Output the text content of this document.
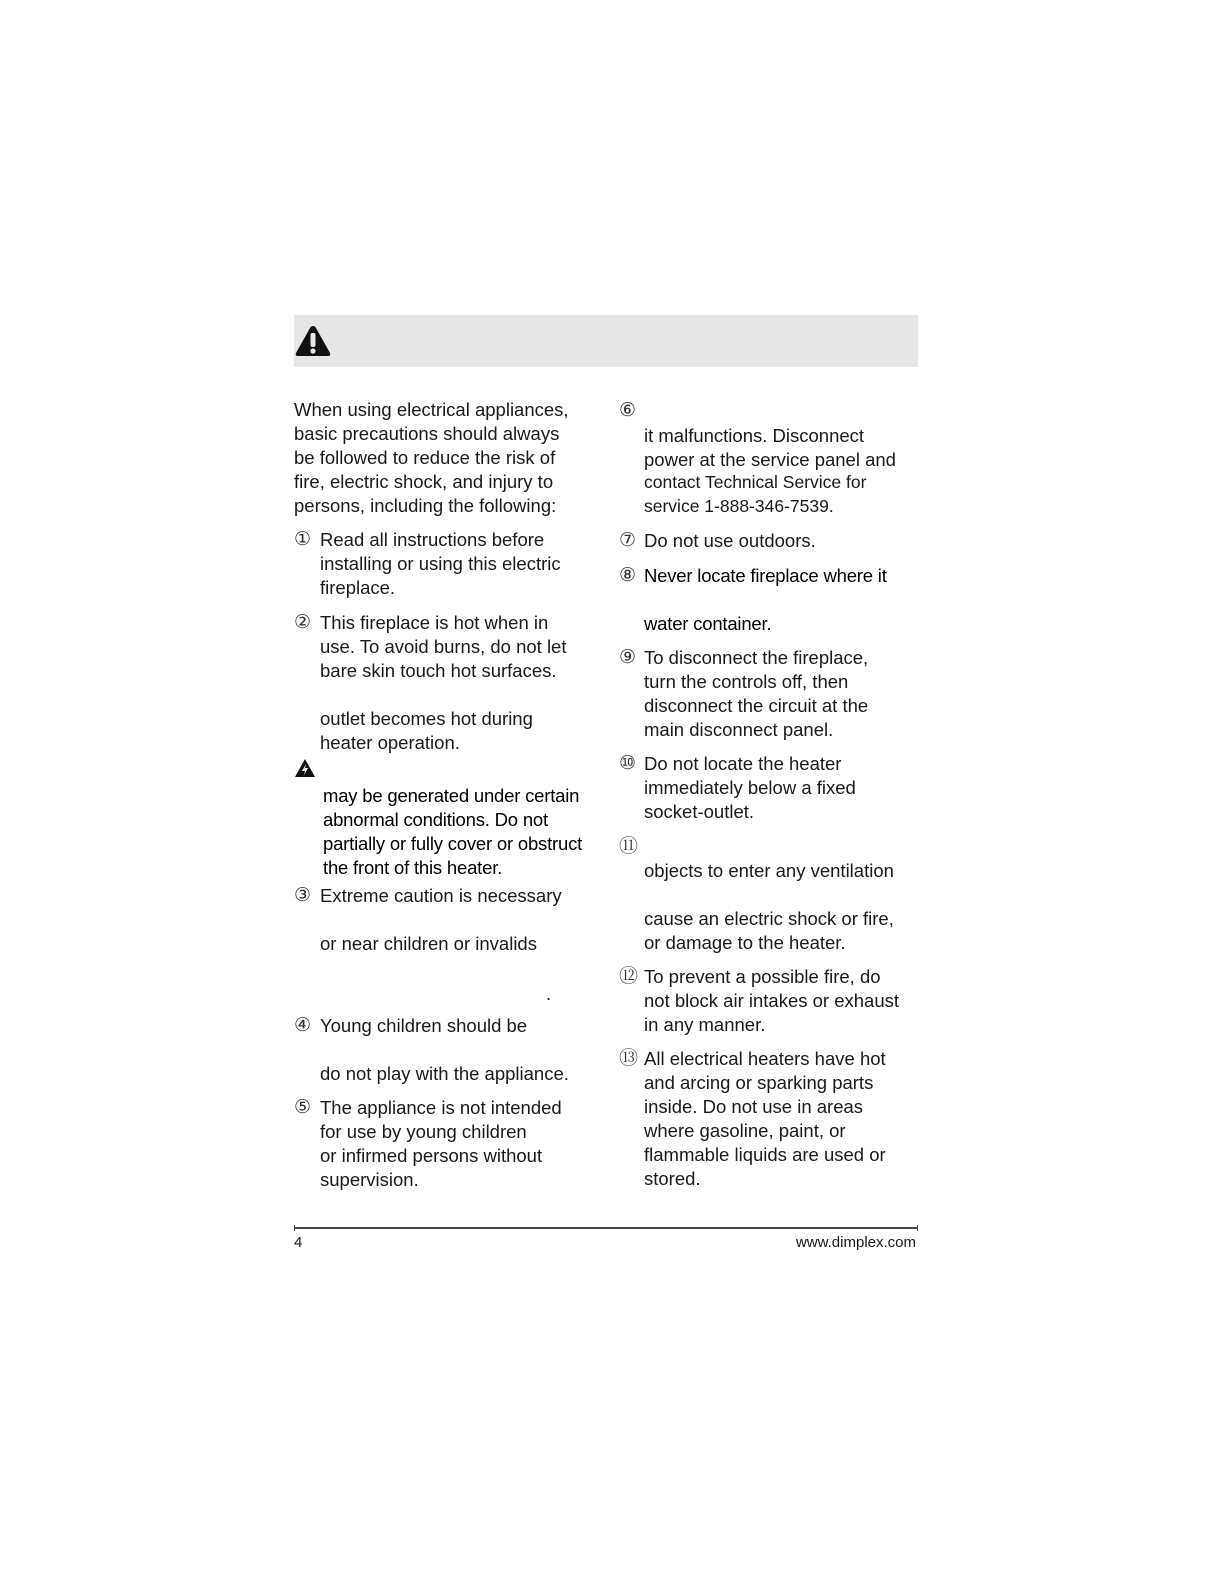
When using electrical appliances,
basic precautions should always
be followed to reduce the risk of
fire, electric shock, and injury to
persons, including the following:
① Read all instructions before
installing or using this electric
fireplace.
② This fireplace is hot when in
use. To avoid burns, do not let
bare skin touch hot surfaces.
outlet becomes hot during
heater operation.
may be generated under certain
abnormal conditions. Do not
partially or fully cover or obstruct
the front of this heater.
③ Extreme caution is necessary
or near children or invalids
.
④ Young children should be
do not play with the appliance.
⑤ The appliance is not intended
for use by young children
or infirmed persons without
supervision.
⑥
it malfunctions. Disconnect
power at the service panel and
contact Technical Service for
service 1-888-346-7539.
⑦ Do not use outdoors.
⑧ Never locate fireplace where it
water container.
⑨ To disconnect the fireplace,
turn the controls off, then
disconnect the circuit at the
main disconnect panel.
⑩ Do not locate the heater
immediately below a fixed
socket-outlet.
⑪
objects to enter any ventilation
cause an electric shock or fire,
or damage to the heater.
⑫ To prevent a possible fire, do
not block air intakes or exhaust
in any manner.
⑬ All electrical heaters have hot
and arcing or sparking parts
inside. Do not use in areas
where gasoline, paint, or
flammable liquids are used or
stored.
4	www.dimplex.com
